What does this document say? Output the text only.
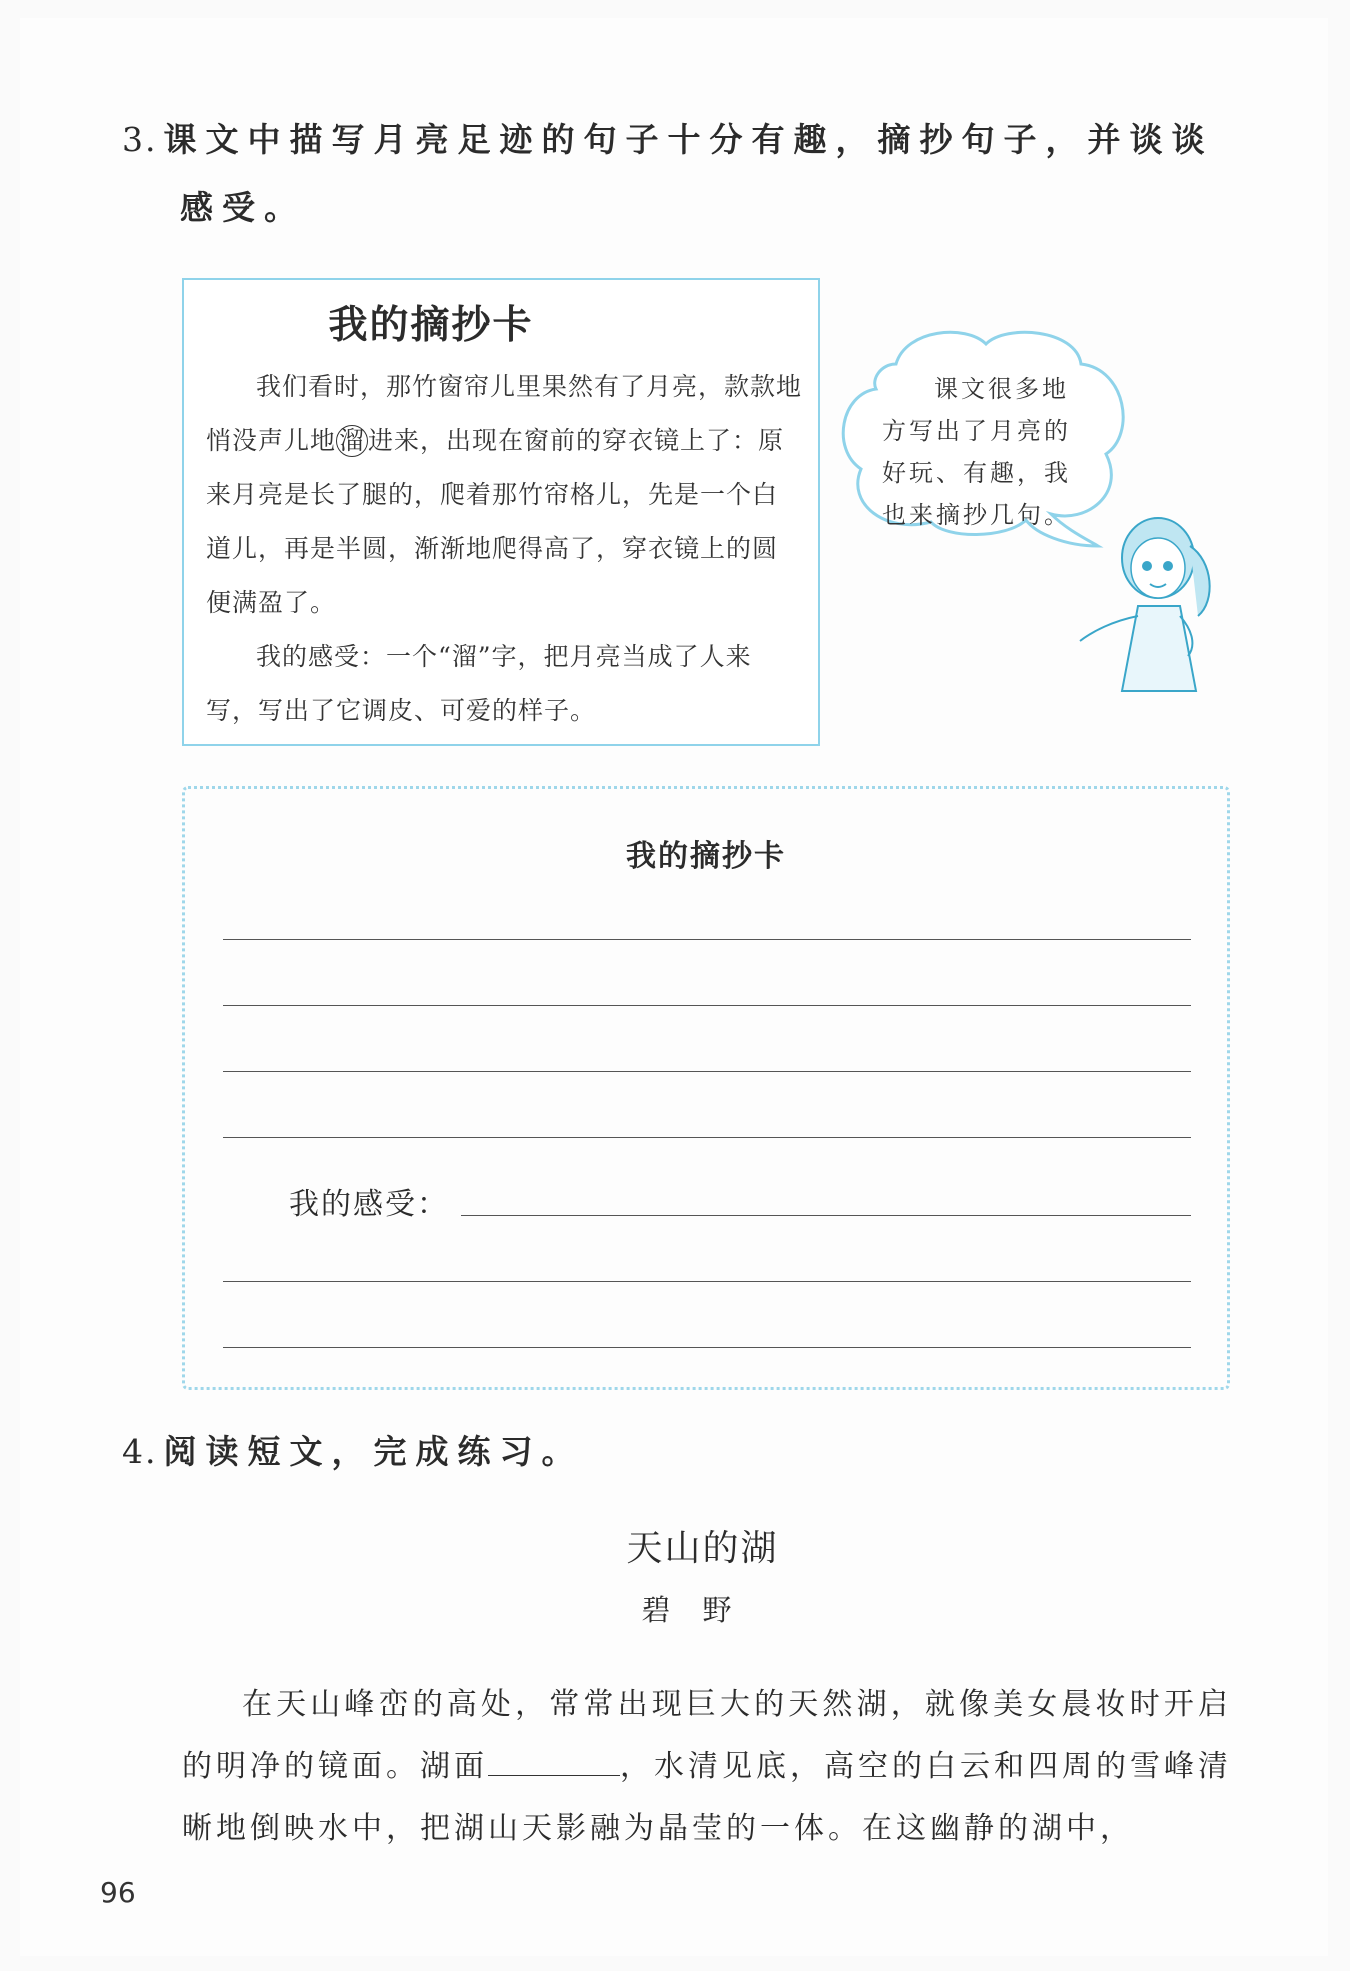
3. 课文中描写月亮足迹的句子十分有趣，摘抄句子，并谈谈
感受。
我的摘抄卡

我们看时，那竹窗帘儿里果然有了月亮，款款地悄没声儿地 溜 进来，出现在窗前的穿衣镜上了：原来月亮是长了腿的，爬着那竹帘格儿，先是一个白道儿，再是半圆，渐渐地爬得高了，穿衣镜上的圆便满盈了。

我的感受：一个“溜”字，把月亮当成了人来写，写出了它调皮、可爱的样子。

课文很多地
方写出了月亮的
好玩、有趣，我
也来摘抄几句。
我的摘抄卡
我的感受：
4. 阅读短文，完成练习。
天山的湖
碧野

在天山峰峦的高处，常常出现巨大的天然湖，就像美女晨妆时开启的明净的镜面。湖面	，水清见底，高空的白云和四周的雪峰清晰地倒映水中，把湖山天影融为晶莹的一体。在这幽静的湖中，

96
